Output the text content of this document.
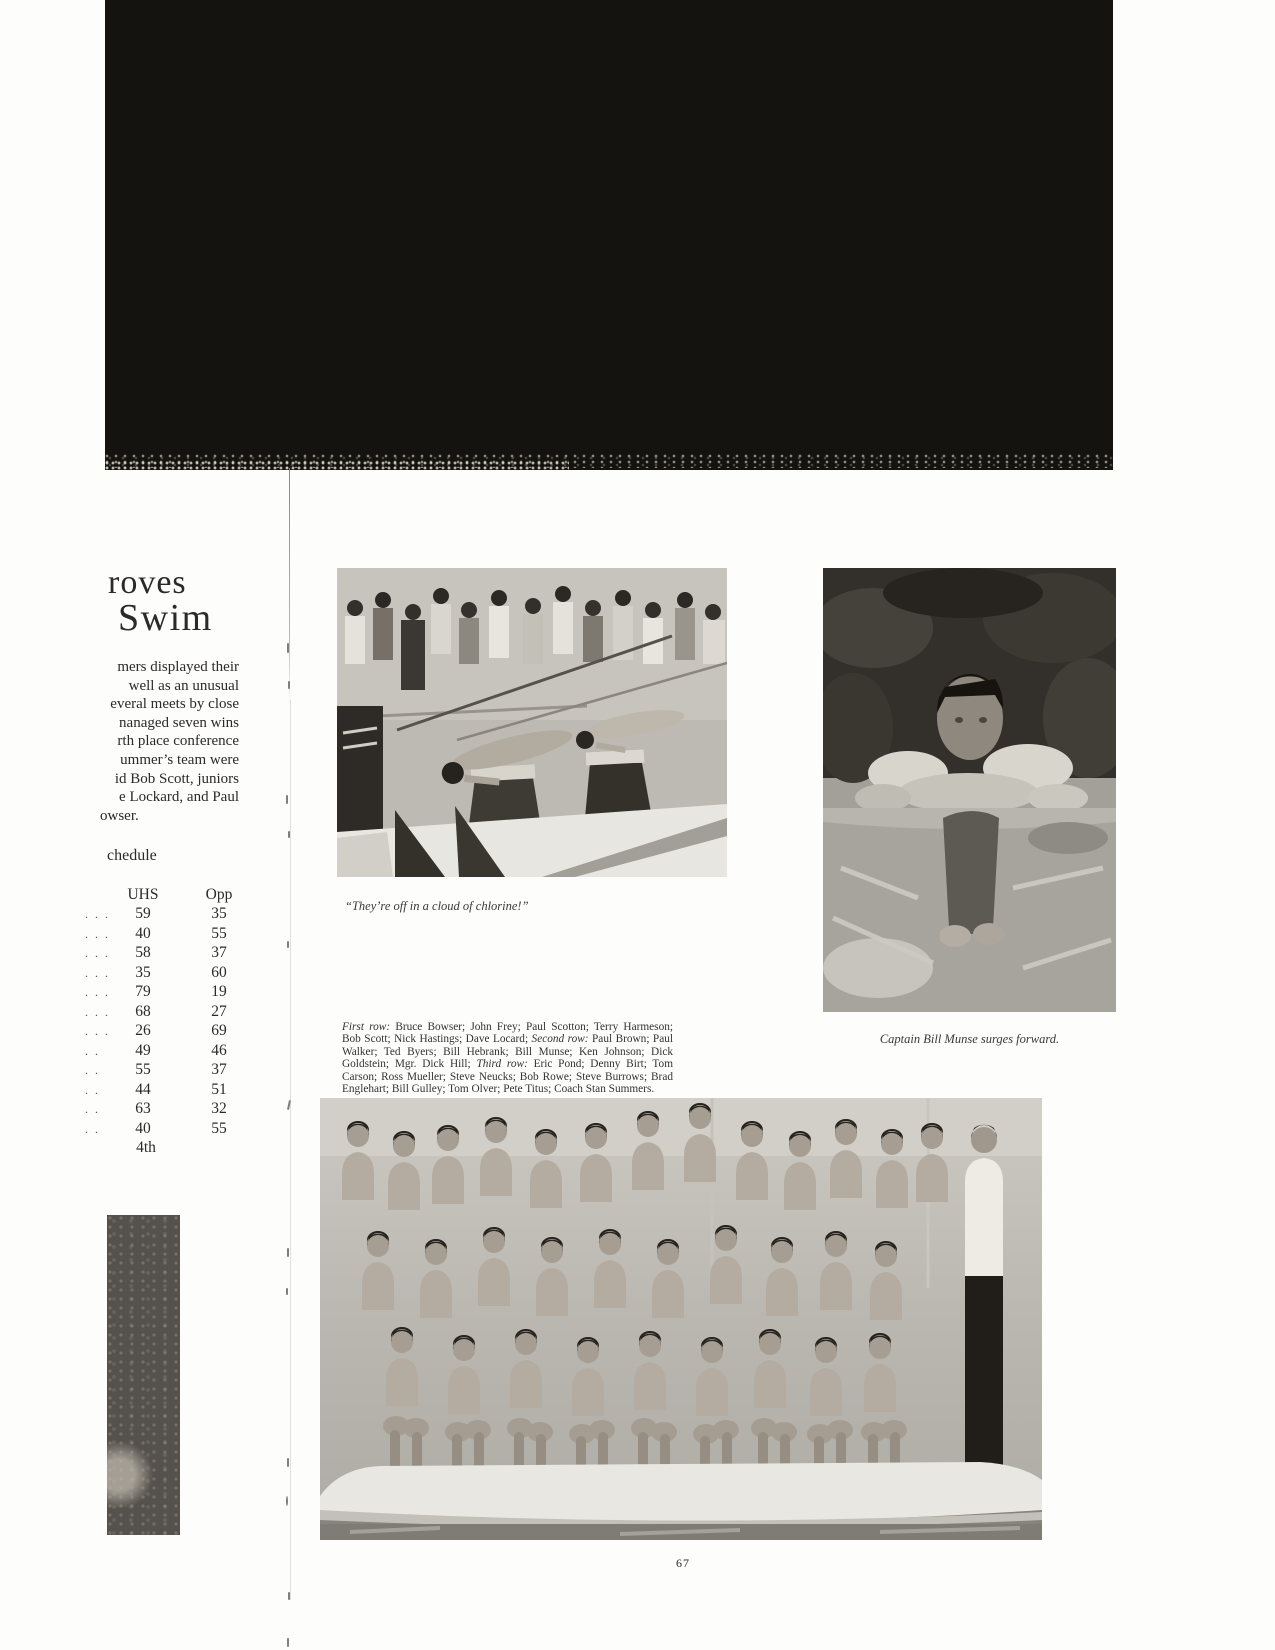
roves
Swim
mers displayed their
well as an unusual
everal meets by close
nanaged seven wins
rth place conference
ummer’s team were
id Bob Scott, juniors
e Lockard, and Paul
owser.
chedule
UHS	Opp
. . .	59	35
. . .	40	55
. . .	58	37
. . .	35	60
. . .	79	19
. . .	68	27
. . .	26	69
. .	49	46
. .	55	37
. .	44	51
. .	63	32
. .	40	55
4th
“They’re off in a cloud of chlorine!”
First row: Bruce Bowser; John Frey; Paul Scotton; Terry Harmeson; Bob Scott; Nick Hastings; Dave Locard; Second row: Paul Brown; Paul Walker; Ted Byers; Bill Hebrank; Bill Munse; Ken Johnson; Dick Goldstein; Mgr. Dick Hill; Third row: Eric Pond; Denny Birt; Tom Carson; Ross Mueller; Steve Neucks; Bob Rowe; Steve Burrows; Brad Englehart; Bill Gulley; Tom Olver; Pete Titus; Coach Stan Summers.
Captain Bill Munse surges forward.
67
